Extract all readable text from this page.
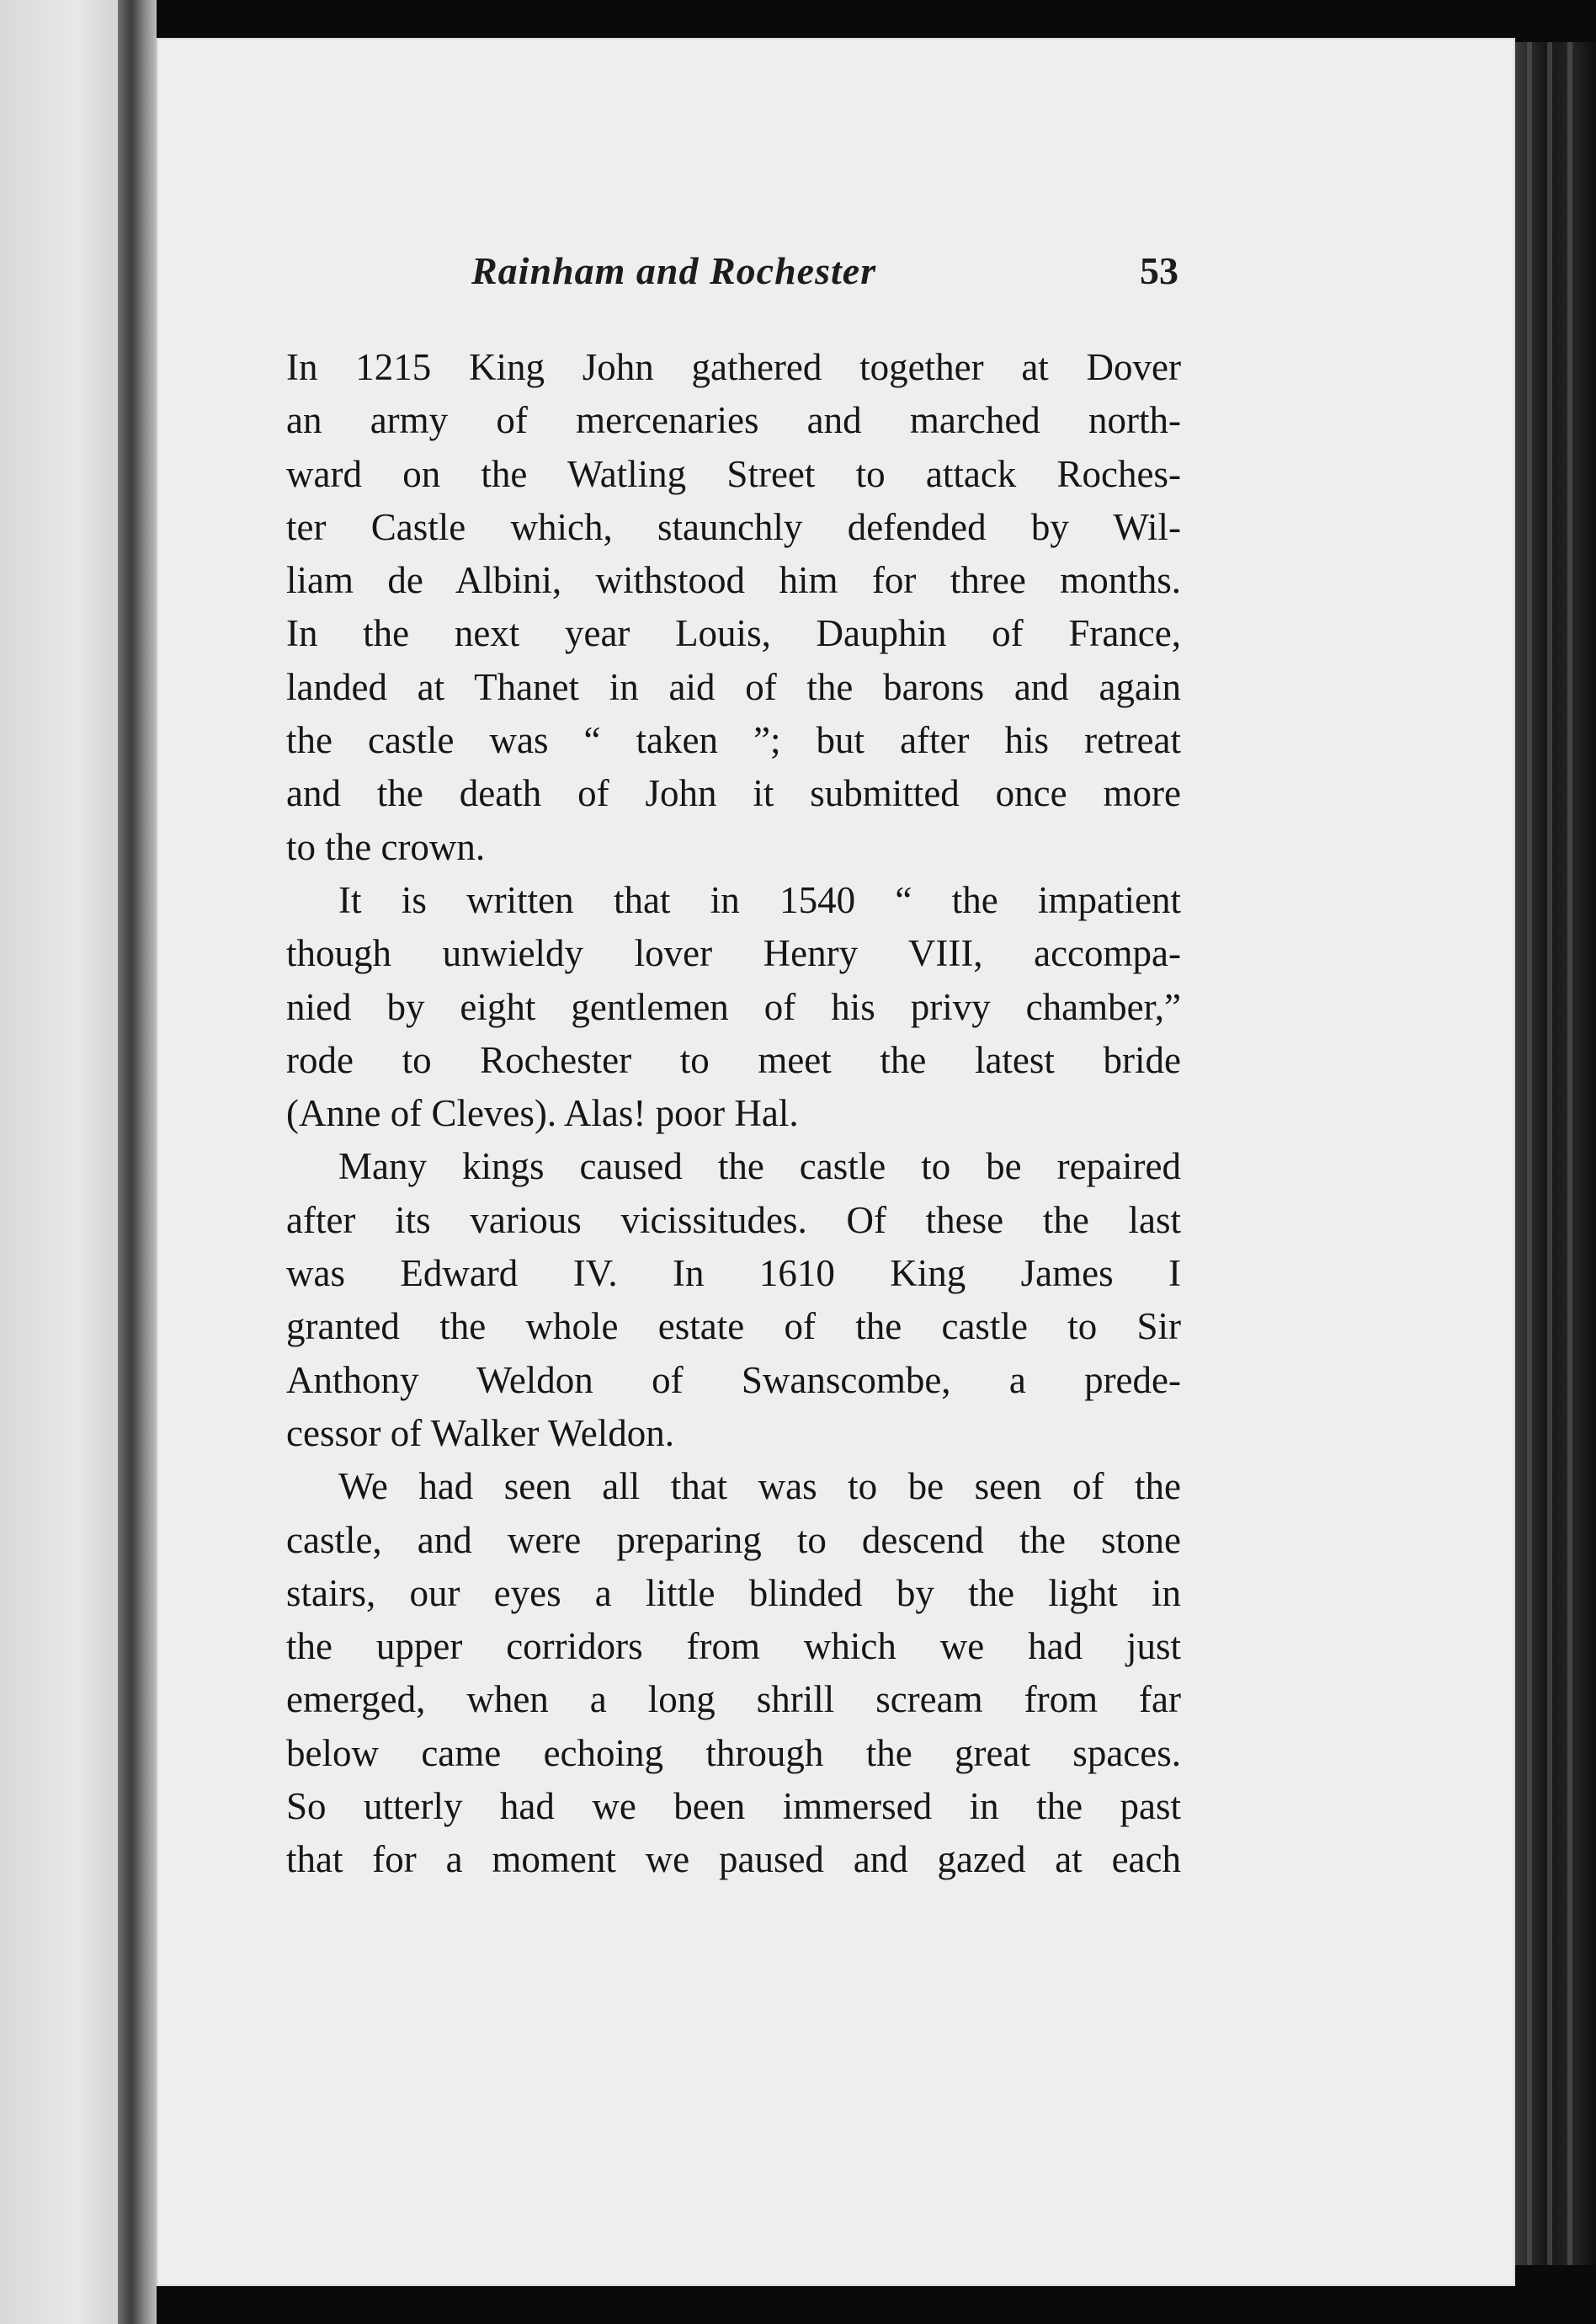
Rainham and Rochester	53
In 1215 King John gathered together at Dover
an army of mercenaries and marched north-
ward on the Watling Street to attack Roches-
ter Castle which, staunchly defended by Wil-
liam de Albini, withstood him for three months.
In the next year Louis, Dauphin of France,
landed at Thanet in aid of the barons and again
the castle was “ taken ”; but after his retreat
and the death of John it submitted once more
to the crown.
It is written that in 1540 “ the impatient
though unwieldy lover Henry VIII, accompa-
nied by eight gentlemen of his privy chamber,”
rode to Rochester to meet the latest bride
(Anne of Cleves). Alas! poor Hal.
Many kings caused the castle to be repaired
after its various vicissitudes. Of these the last
was Edward IV. In 1610 King James I
granted the whole estate of the castle to Sir
Anthony Weldon of Swanscombe, a prede-
cessor of Walker Weldon.
We had seen all that was to be seen of the
castle, and were preparing to descend the stone
stairs, our eyes a little blinded by the light in
the upper corridors from which we had just
emerged, when a long shrill scream from far
below came echoing through the great spaces.
So utterly had we been immersed in the past
that for a moment we paused and gazed at each
